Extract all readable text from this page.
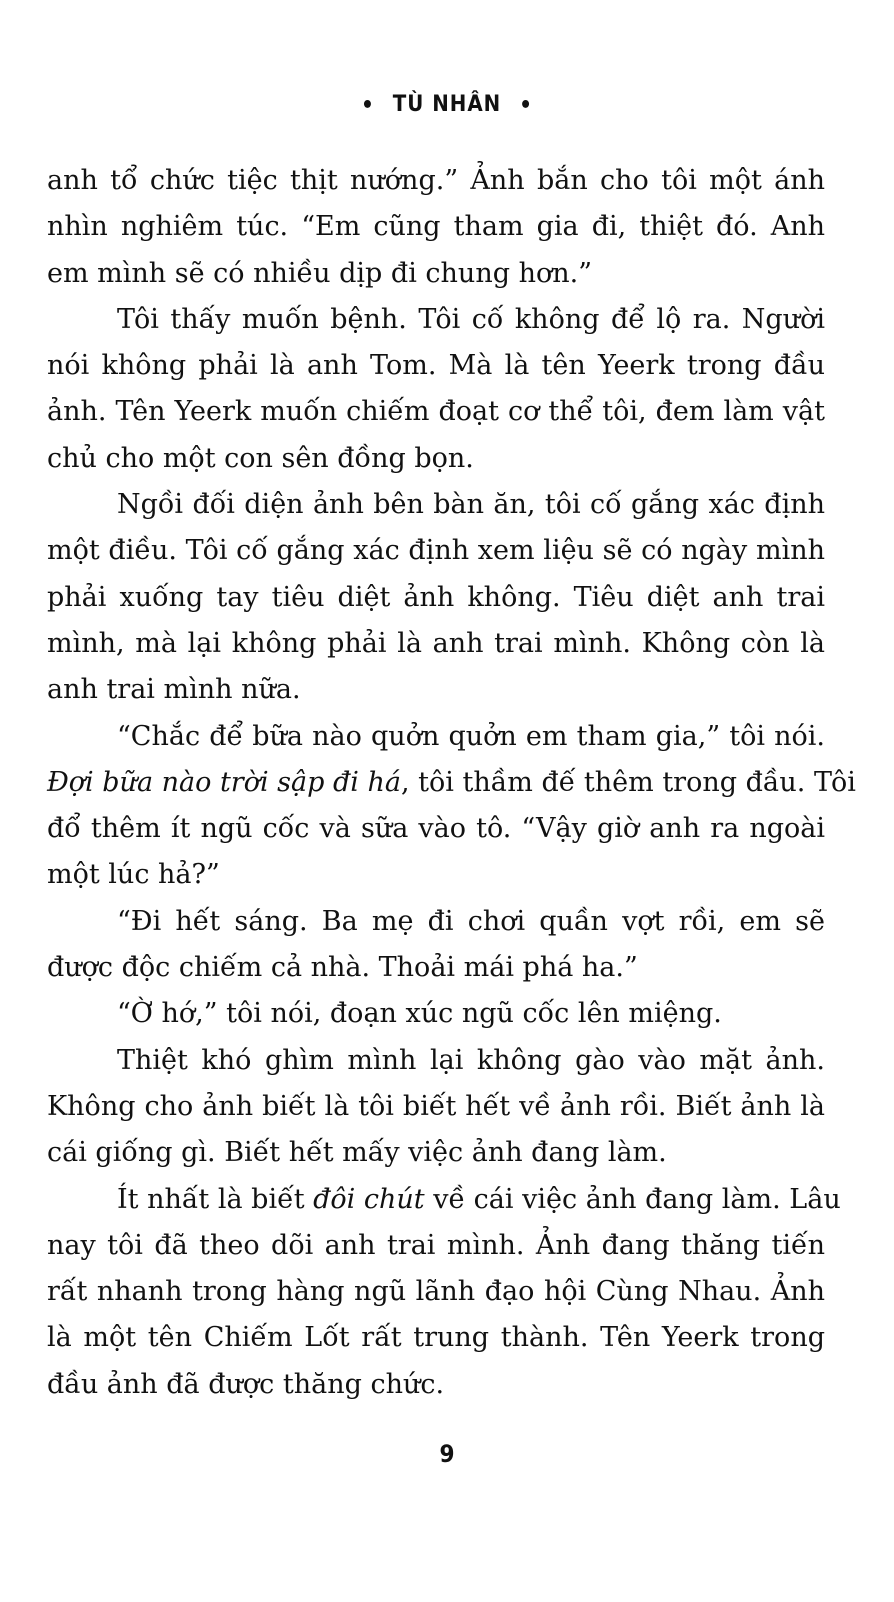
• TÙ NHÂN •
anh tổ chức tiệc thịt nướng.” Ảnh bắn cho tôi một ánh
nhìn nghiêm túc. “Em cũng tham gia đi, thiệt đó. Anh
em mình sẽ có nhiều dịp đi chung hơn.”
Tôi thấy muốn bệnh. Tôi cố không để lộ ra. Người
nói không phải là anh Tom. Mà là tên Yeerk trong đầu
ảnh. Tên Yeerk muốn chiếm đoạt cơ thể tôi, đem làm vật
chủ cho một con sên đồng bọn.
Ngồi đối diện ảnh bên bàn ăn, tôi cố gắng xác định
một điều. Tôi cố gắng xác định xem liệu sẽ có ngày mình
phải xuống tay tiêu diệt ảnh không. Tiêu diệt anh trai
mình, mà lại không phải là anh trai mình. Không còn là
anh trai mình nữa.
“Chắc để bữa nào quởn quởn em tham gia,” tôi nói.
Đợi bữa nào trời sập đi há, tôi thầm đế thêm trong đầu. Tôi
đổ thêm ít ngũ cốc và sữa vào tô. “Vậy giờ anh ra ngoài
một lúc hả?”
“Đi hết sáng. Ba mẹ đi chơi quần vợt rồi, em sẽ
được độc chiếm cả nhà. Thoải mái phá ha.”
“Ờ hớ,” tôi nói, đoạn xúc ngũ cốc lên miệng.
Thiệt khó ghìm mình lại không gào vào mặt ảnh.
Không cho ảnh biết là tôi biết hết về ảnh rồi. Biết ảnh là
cái giống gì. Biết hết mấy việc ảnh đang làm.
Ít nhất là biết đôi chút về cái việc ảnh đang làm. Lâu
nay tôi đã theo dõi anh trai mình. Ảnh đang thăng tiến
rất nhanh trong hàng ngũ lãnh đạo hội Cùng Nhau. Ảnh
là một tên Chiếm Lốt rất trung thành. Tên Yeerk trong
đầu ảnh đã được thăng chức.
9
